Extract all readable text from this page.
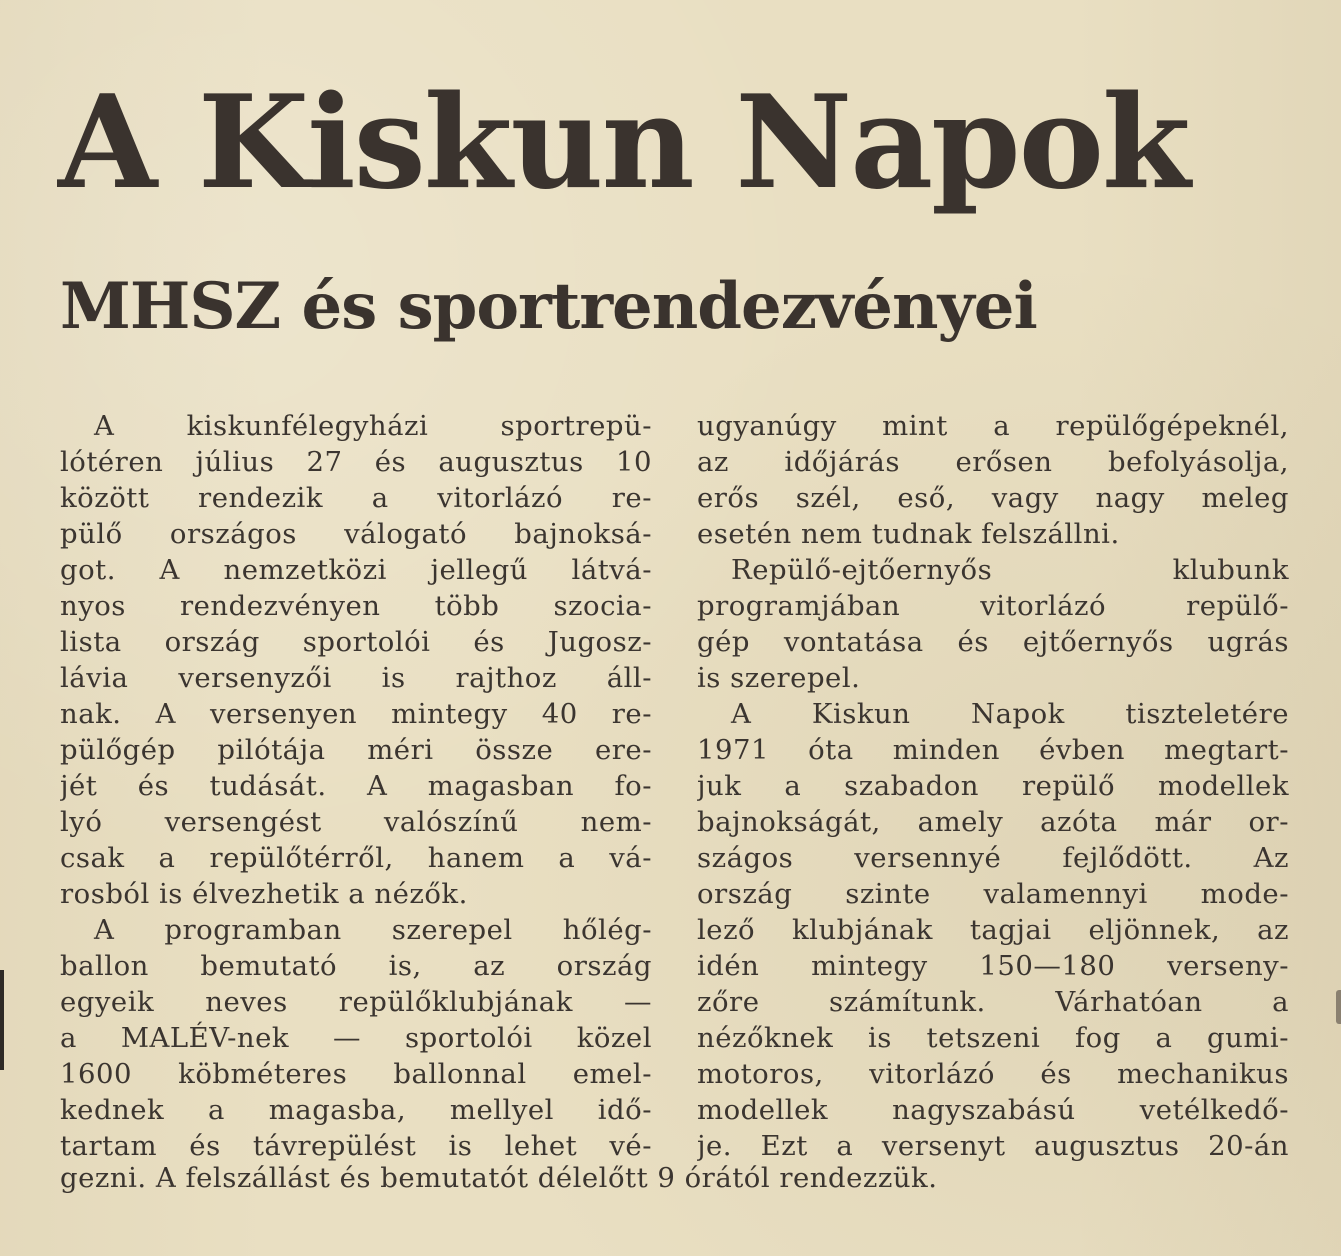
A Kiskun Napok
MHSZ és sportrendezvényei
A kiskunfélegyházi sportrepü-
lótéren július 27 és augusztus 10
között rendezik a vitorlázó re-
pülő országos válogató bajnoksá-
got. A nemzetközi jellegű látvá-
nyos rendezvényen több szocia-
lista ország sportolói és Jugosz-
lávia versenyzői is rajthoz áll-
nak. A versenyen mintegy 40 re-
pülőgép pilótája méri össze ere-
jét és tudását. A magasban fo-
lyó versengést valószínű nem-
csak a repülőtérről, hanem a vá-
rosból is élvezhetik a nézők.
A programban szerepel hőlég-
ballon bemutató is, az ország
egyeik neves repülőklubjának —
a MALÉV-nek — sportolói közel
1600 köbméteres ballonnal emel-
kednek a magasba, mellyel idő-
tartam és távrepülést is lehet vé-
ugyanúgy mint a repülőgépeknél,
az időjárás erősen befolyásolja,
erős szél, eső, vagy nagy meleg
esetén nem tudnak felszállni.
Repülő-ejtőernyős klubunk
programjában vitorlázó repülő-
gép vontatása és ejtőernyős ugrás
is szerepel.
A Kiskun Napok tiszteletére
1971 óta minden évben megtart-
juk a szabadon repülő modellek
bajnokságát, amely azóta már or-
szágos versennyé fejlődött. Az
ország szinte valamennyi mode-
lező klubjának tagjai eljönnek, az
idén mintegy 150—180 verseny-
zőre számítunk. Várhatóan a
nézőknek is tetszeni fog a gumi-
motoros, vitorlázó és mechanikus
modellek nagyszabású vetélkedő-
je. Ezt a versenyt augusztus 20-án

gezni. A felszállást és bemutatót délelőtt 9 órától rendezzük.
